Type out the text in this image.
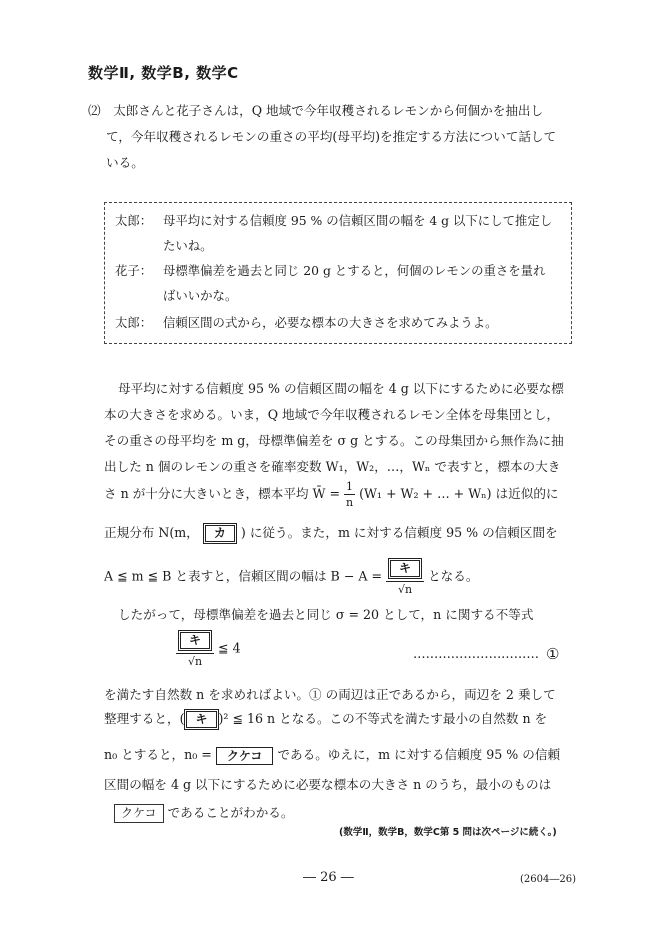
数学Ⅱ, 数学B, 数学C
⑵　 太郎さんと花子さんは，Q 地域で今年収穫されるレモンから何個かを抽出し
て，今年収穫されるレモンの重さの平均(母平均)を推定する方法について話して
いる。
太郎： 母平均に対する信頼度 95 % の信頼区間の幅を 4 g 以下にして推定し
たいね。
花子： 母標準偏差を過去と同じ 20 g とすると，何個のレモンの重さを量れ
ばいいかな。
太郎： 信頼区間の式から，必要な標本の大きさを求めてみようよ。
母平均に対する信頼度 95 % の信頼区間の幅を 4 g 以下にするために必要な標
本の大きさを求める。いま，Q 地域で今年収穫されるレモン全体を母集団とし，
その重さの母平均を m g，母標準偏差を σ g とする。この母集団から無作為に抽
出した n 個のレモンの重さを確率変数 W₁，W₂，…，Wₙ で表すと，標本の大き
さ n が十分に大きいとき，標本平均 W̄ = $\frac{1}{n} (W_1 + W_2$ + … + Wₙ) は近似的に
正規分布 N(m， カ ) に従う。また，m に対する信頼度 95 % の信頼区間を
A ≦ m ≦ B と表すと，信頼区間の幅は $B - A = \frac{\text{キ}}{√n}$ となる。
したがって，母標準偏差を過去と同じ σ = 20 として，n に関する不等式
$\frac{\text{キ}}{√n}$ ≦ 4	………………………… ①
を満たす自然数 n を求めればよい。① の両辺は正であるから，両辺を 2 乗して
整理すると，( キ )² ≦ 16 n となる。この不等式を満たす最小の自然数 n を
n₀ とすると，n₀ = クケコ である。ゆえに，m に対する信頼度 95 % の信頼
区間の幅を 4 g 以下にするために必要な標本の大きさ n のうち，最小のものは
クケコ であることがわかる。
(数学Ⅱ，数学B，数学C第 5 問は次ページに続く。)
― 26 ―	(2604―26)
